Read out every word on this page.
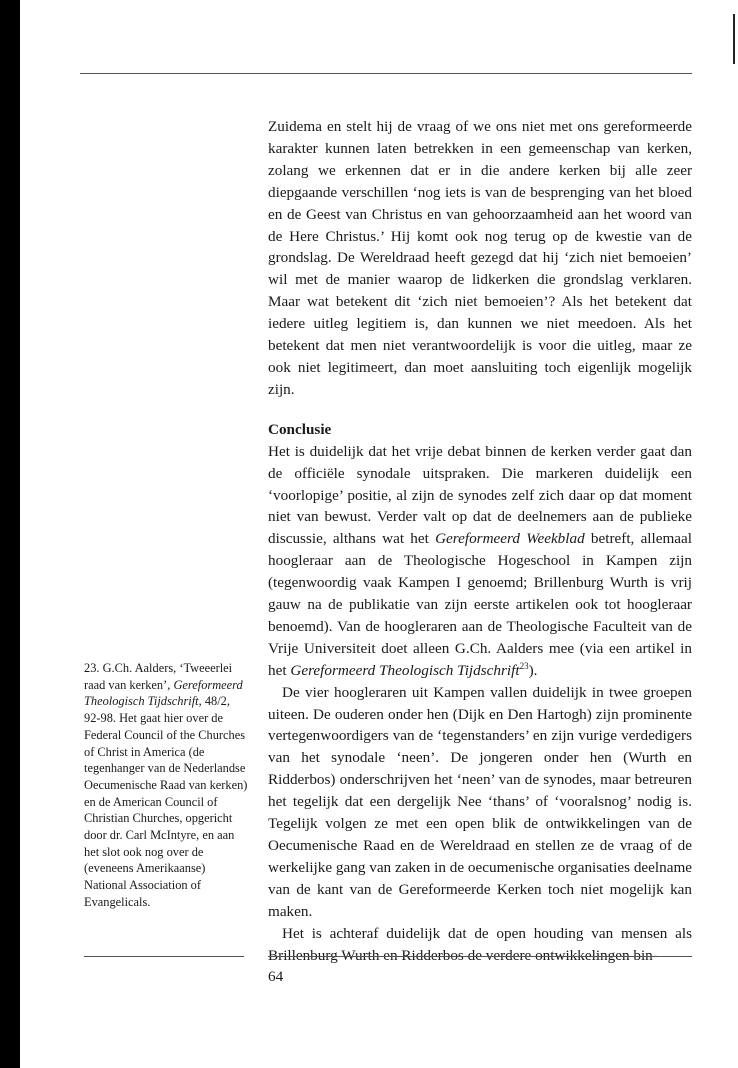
Zuidema en stelt hij de vraag of we ons niet met ons gereformeerde karakter kunnen laten betrekken in een gemeenschap van kerken, zolang we erkennen dat er in die andere kerken bij alle zeer diepgaande verschillen ‘nog iets is van de besprenging van het bloed en de Geest van Christus en van gehoorzaamheid aan het woord van de Here Christus.’ Hij komt ook nog terug op de kwestie van de grondslag. De Wereldraad heeft gezegd dat hij ‘zich niet bemoeien’ wil met de manier waarop de lidkerken die grondslag verklaren. Maar wat betekent dit ‘zich niet bemoeien’? Als het betekent dat iedere uitleg legitiem is, dan kunnen we niet meedoen. Als het betekent dat men niet verantwoordelijk is voor die uitleg, maar ze ook niet legitimeert, dan moet aansluiting toch eigenlijk mogelijk zijn.

Conclusie

Het is duidelijk dat het vrije debat binnen de kerken verder gaat dan de officiële synodale uitspraken. Die markeren duidelijk een ‘voorlopige’ positie, al zijn de synodes zelf zich daar op dat moment niet van bewust. Verder valt op dat de deelnemers aan de publieke discussie, althans wat het Gereformeerd Weekblad betreft, allemaal hoogleraar aan de Theologische Hogeschool in Kampen zijn (tegenwoordig vaak Kampen I genoemd; Brillenburg Wurth is vrij gauw na de publikatie van zijn eerste artikelen ook tot hoogleraar benoemd). Van de hoogleraren aan de Theologische Faculteit van de Vrije Universiteit doet alleen G.Ch. Aalders mee (via een artikel in het Gereformeerd Theologisch Tijdschrift$^{23}$).

De vier hoogleraren uit Kampen vallen duidelijk in twee groepen uiteen. De ouderen onder hen (Dijk en Den Hartogh) zijn prominente vertegenwoordigers van de ‘tegenstanders’ en zijn vurige verdedigers van het synodale ‘neen’. De jongeren onder hen (Wurth en Ridderbos) onderschrijven het ‘neen’ van de synodes, maar betreuren het tegelijk dat een dergelijk Nee ‘thans’ of ‘vooralsnog’ nodig is. Tegelijk volgen ze met een open blik de ontwikkelingen van de Oecumenische Raad en de Wereldraad en stellen ze de vraag of de werkelijke gang van zaken in de oecumenische organisaties deelname van de kant van de Gereformeerde Kerken toch niet mogelijk kan maken.

Het is achteraf duidelijk dat de open houding van mensen als Brillenburg Wurth en Ridderbos de verdere ontwikkelingen bin-

23. G.Ch. Aalders, ‘Tweeerlei raad van kerken’, Gereformeerd Theologisch Tijdschrift, 48/2, 92-98. Het gaat hier over de Federal Council of the Churches of Christ in America (de tegenhanger van de Nederlandse Oecumenische Raad van kerken) en de American Council of Christian Churches, opgericht door dr. Carl McIntyre, en aan het slot ook nog over de (eveneens Amerikaanse) National Association of Evangelicals.
64
